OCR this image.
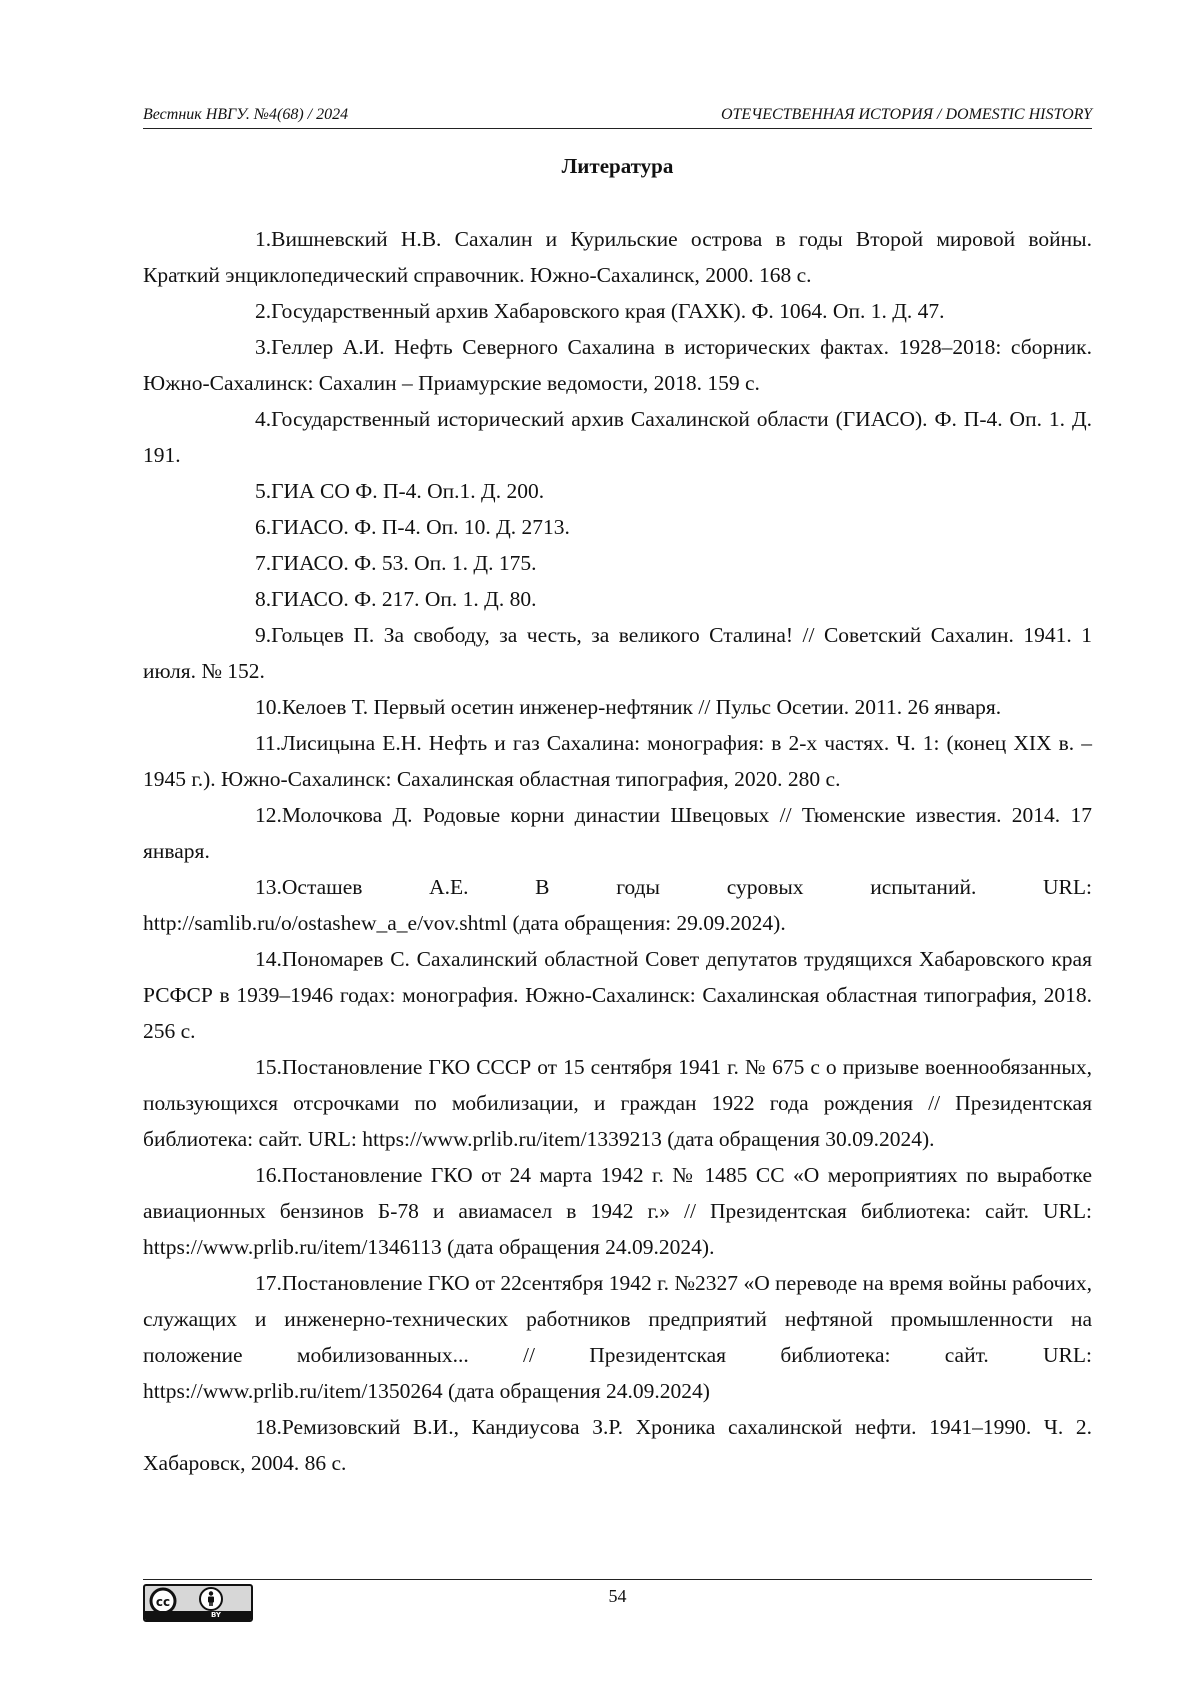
Вестник НВГУ. №4(68) / 2024	ОТЕЧЕСТВЕННАЯ ИСТОРИЯ / DOMESTIC HISTORY
Литература
1.Вишневский Н.В. Сахалин и Курильские острова в годы Второй мировой войны. Краткий энциклопедический справочник. Южно-Сахалинск, 2000. 168 с.
2.Государственный архив Хабаровского края (ГАХК). Ф. 1064. Оп. 1. Д. 47.
3.Геллер А.И. Нефть Северного Сахалина в исторических фактах. 1928–2018: сборник. Южно-Сахалинск: Сахалин – Приамурские ведомости, 2018. 159 с.
4.Государственный исторический архив Сахалинской области (ГИАСО). Ф. П-4. Оп. 1. Д. 191.
5.ГИА СО Ф. П-4. Оп.1. Д. 200.
6.ГИАСО. Ф. П-4. Оп. 10. Д. 2713.
7.ГИАСО. Ф. 53. Оп. 1. Д. 175.
8.ГИАСО. Ф. 217. Оп. 1. Д. 80.
9.Гольцев П. За свободу, за честь, за великого Сталина! // Советский Сахалин. 1941. 1 июля. № 152.
10.Келоев Т. Первый осетин инженер-нефтяник // Пульс Осетии. 2011. 26 января.
11.Лисицына Е.Н. Нефть и газ Сахалина: монография: в 2-х частях. Ч. 1: (конец XIX в. – 1945 г.). Южно-Сахалинск: Сахалинская областная типография, 2020. 280 с.
12.Молочкова Д. Родовые корни династии Швецовых // Тюменские известия. 2014. 17 января.
13.Осташев А.Е. В годы суровых испытаний. URL: http://samlib.ru/o/ostashew_a_e/vov.shtml (дата обращения: 29.09.2024).
14.Пономарев С. Сахалинский областной Совет депутатов трудящихся Хабаровского края РСФСР в 1939–1946 годах: монография. Южно-Сахалинск: Сахалинская областная типография, 2018. 256 с.
15.Постановление ГКО СССР от 15 сентября 1941 г. № 675 с о призыве военнообязанных, пользующихся отсрочками по мобилизации, и граждан 1922 года рождения // Президентская библиотека: сайт. URL: https://www.prlib.ru/item/1339213 (дата обращения 30.09.2024).
16.Постановление ГКО от 24 марта 1942 г. № 1485 СС «О мероприятиях по выработке авиационных бензинов Б-78 и авиамасел в 1942 г.» // Президентская библиотека: сайт. URL: https://www.prlib.ru/item/1346113 (дата обращения 24.09.2024).
17.Постановление ГКО от 22сентября 1942 г. №2327 «О переводе на время войны рабочих, служащих и инженерно-технических работников предприятий нефтяной промышленности на положение мобилизованных... // Президентская библиотека: сайт. URL: https://www.prlib.ru/item/1350264 (дата обращения 24.09.2024)
18.Ремизовский В.И., Кандиусова З.Р. Хроника сахалинской нефти. 1941–1990. Ч. 2. Хабаровск, 2004. 86 с.
cc
BY
54
